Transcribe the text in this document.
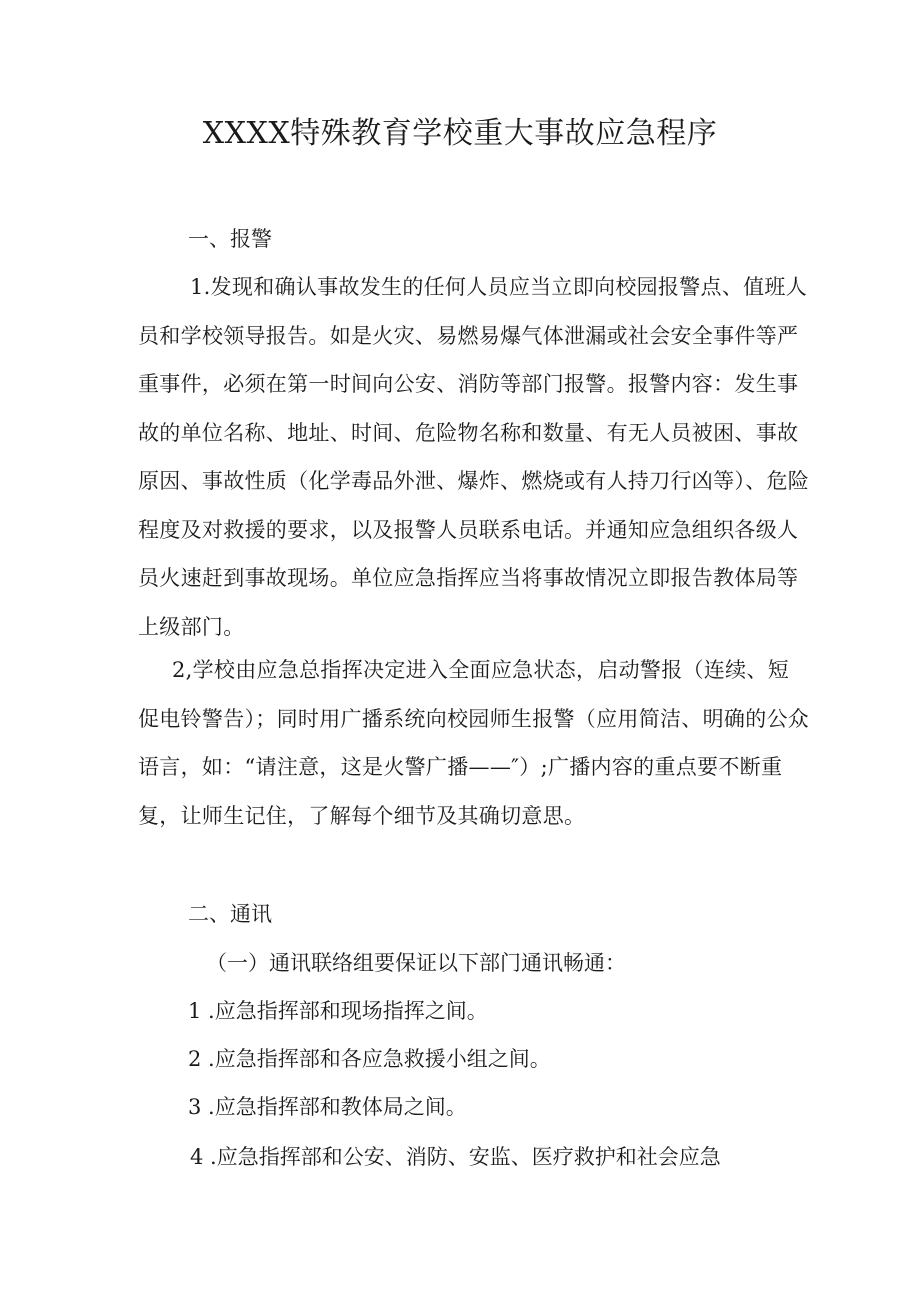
XXXX特殊教育学校重大事故应急程序

一、报警

1.发现和确认事故发生的任何人员应当立即向校园报警点、值班人员和学校领导报告。如是火灾、易燃易爆气体泄漏或社会安全事件等严重事件，必须在第一时间向公安、消防等部门报警。报警内容：发生事故的单位名称、地址、时间、危险物名称和数量、有无人员被困、事故原因、事故性质（化学毒品外泄、爆炸、燃烧或有人持刀行凶等）、危险程度及对救援的要求，以及报警人员联系电话。并通知应急组织各级人员火速赶到事故现场。单位应急指挥应当将事故情况立即报告教体局等上级部门。

2,学校由应急总指挥决定进入全面应急状态，启动警报（连续、短促电铃警告）；同时用广播系统向校园师生报警（应用简洁、明确的公众语言，如：“请注意，这是火警广播——″）;广播内容的重点要不断重复，让师生记住，了解每个细节及其确切意思。

二、通讯

（一）通讯联络组要保证以下部门通讯畅通：

1 .应急指挥部和现场指挥之间。

2 .应急指挥部和各应急救援小组之间。

3 .应急指挥部和教体局之间。

4 .应急指挥部和公安、消防、安监、医疗救护和社会应急
